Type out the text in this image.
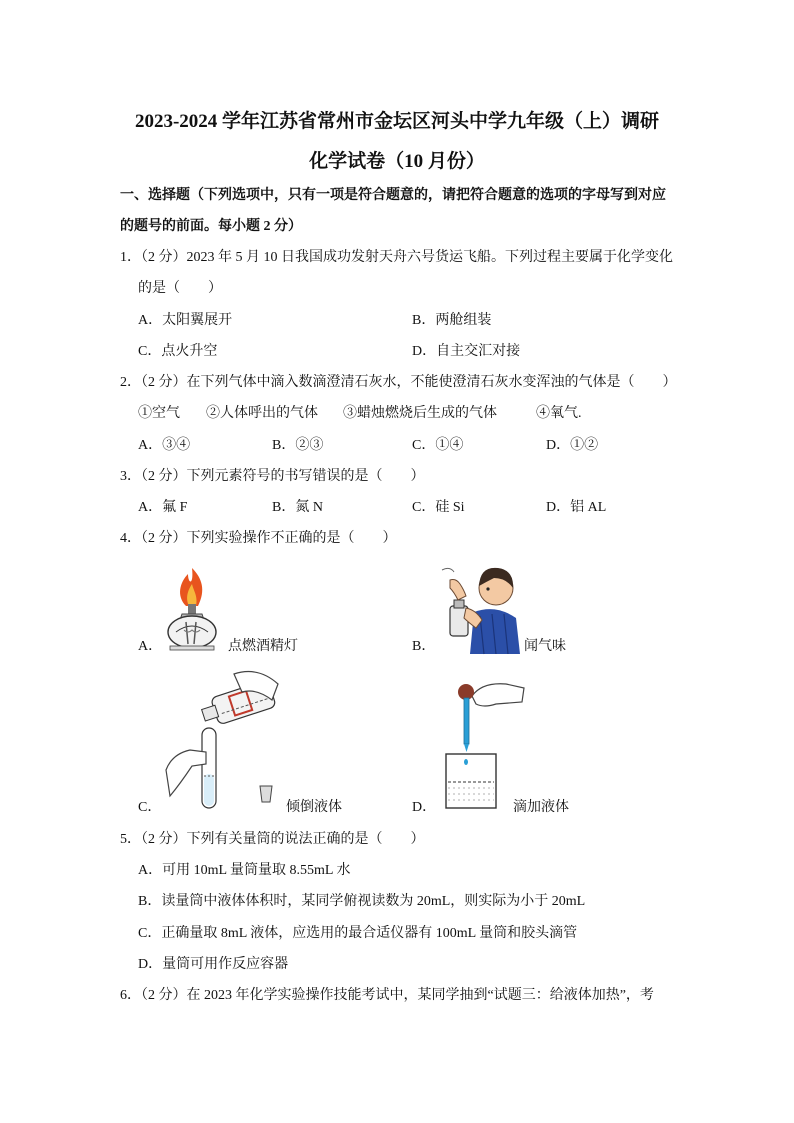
2023-2024 学年江苏省常州市金坛区河头中学九年级（上）调研
化学试卷（10 月份）
一、选择题（下列选项中，只有一项是符合题意的，请把符合题意的选项的字母写到对应
的题号的前面。每小题 2 分）
1．（2 分）2023 年 5 月 10 日我国成功发射天舟六号货运飞船。下列过程主要属于化学变化
的是（　　）
A．太阳翼展开	B．两舱组装
C．点火升空	D．自主交汇对接
2．（2 分）在下列气体中滴入数滴澄清石灰水，不能使澄清石灰水变浑浊的气体是（　　）
①空气 ②人体呼出的气体 ③蜡烛燃烧后生成的气体	④氧气.
A．③④	B．②③	C．①④	D．①②
3．（2 分）下列元素符号的书写错误的是（　　）
A．氟 F	B．氮 N	C．硅 Si	D．铝 AL
4．（2 分）下列实验操作不正确的是（　　）
A．	点燃酒精灯	B．	闻气味
C．	倾倒液体	D．	滴加液体
5．（2 分）下列有关量筒的说法正确的是（　　）
A．可用 10mL 量筒量取 8.55mL 水
B．读量筒中液体体积时，某同学俯视读数为 20mL，则实际为小于 20mL
C．正确量取 8mL 液体，应选用的最合适仪器有 100mL 量筒和胶头滴管
D．量筒可用作反应容器
6．（2 分）在 2023 年化学实验操作技能考试中，某同学抽到“试题三：给液体加热”，考
